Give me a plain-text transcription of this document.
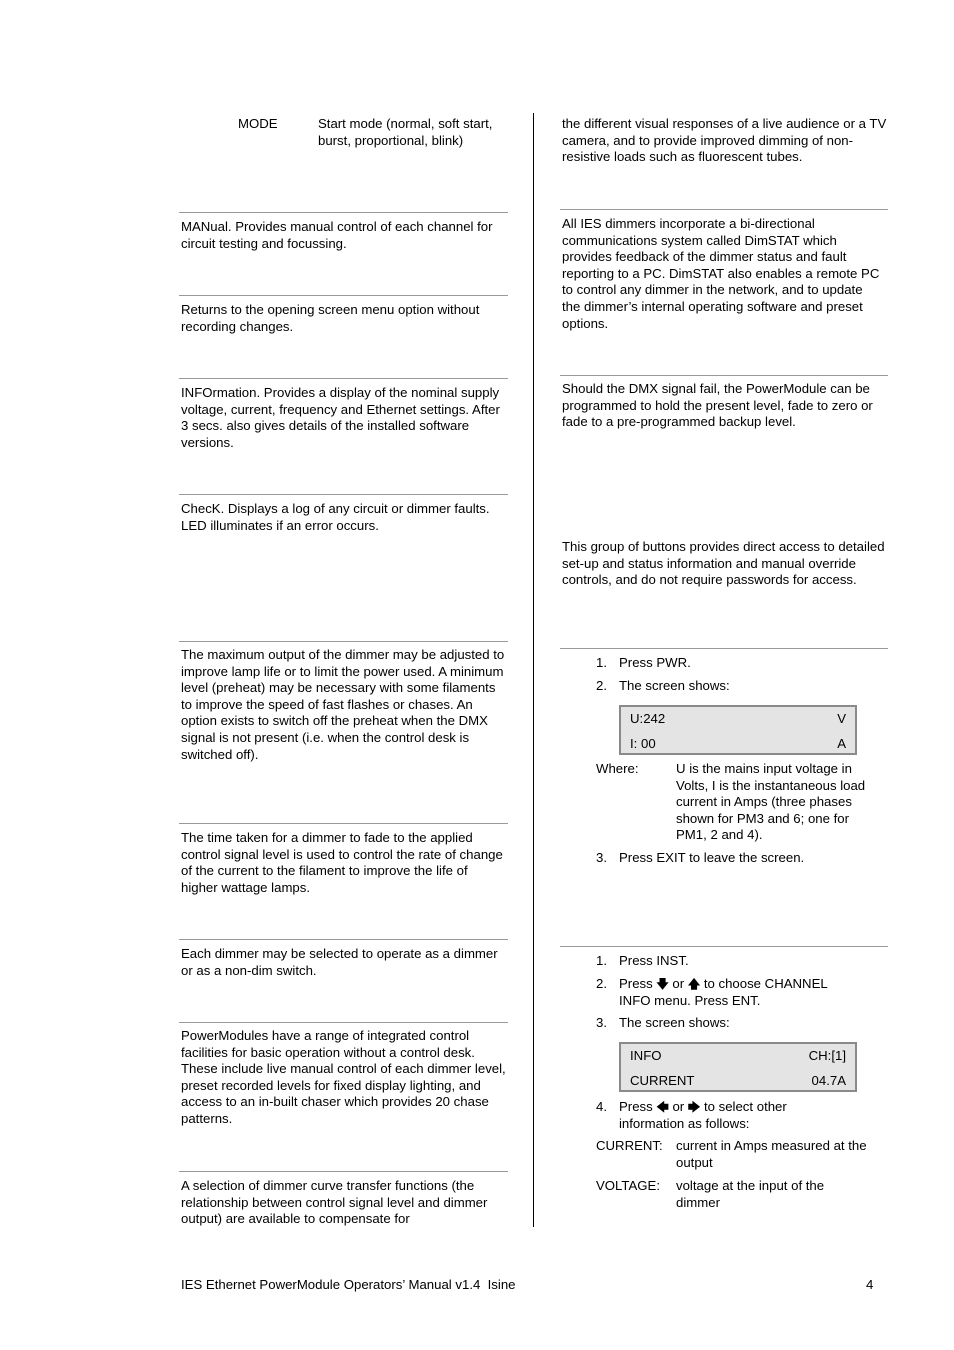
MODE	Start mode (normal, soft start, burst, proportional, blink)
MANual. Provides manual control of each channel for circuit testing and focussing.
Returns to the opening screen menu option without recording changes.
INFOrmation. Provides a display of the nominal supply voltage, current, frequency and Ethernet settings. After 3 secs. also gives details of the installed software versions.
ChecK. Displays a log of any circuit or dimmer faults. LED illuminates if an error occurs.
The maximum output of the dimmer may be adjusted to improve lamp life or to limit the power used. A minimum level (preheat) may be necessary with some filaments to improve the speed of fast flashes or chases. An option exists to switch off the preheat when the DMX signal is not present (i.e. when the control desk is switched off).
The time taken for a dimmer to fade to the applied control signal level is used to control the rate of change of the current to the filament to improve the life of higher wattage lamps.
Each dimmer may be selected to operate as a dimmer or as a non-dim switch.
PowerModules have a range of integrated control facilities for basic operation without a control desk. These include live manual control of each dimmer level, preset recorded levels for fixed display lighting, and access to an in-built chaser which provides 20 chase patterns.
A selection of dimmer curve transfer functions (the relationship between control signal level and dimmer output) are available to compensate for
the different visual responses of a live audience or a TV camera, and to provide improved dimming of non-resistive loads such as fluorescent tubes.
All IES dimmers incorporate a bi-directional communications system called DimSTAT which provides feedback of the dimmer status and fault reporting to a PC. DimSTAT also enables a remote PC to control any dimmer in the network, and to update the dimmer’s internal operating software and preset options.
Should the DMX signal fail, the PowerModule can be programmed to hold the present level, fade to zero or fade to a pre-programmed backup level.
This group of buttons provides direct access to detailed set-up and status information and manual override controls, and do not require passwords for access.
1. Press PWR.
2. The screen shows:
U:242	V
I: 00	A
Where:	U is the mains input voltage in Volts, I is the instantaneous load current in Amps (three phases shown for PM3 and 6; one for PM1, 2 and 4).
3. Press EXIT to leave the screen.
1. Press INST.
2. Press 🡇 or 🡅 to choose CHANNEL
INFO menu. Press ENT.
3. The screen shows:
INFO	CH:[1]
CURRENT	04.7A
4. Press 🡄 or 🡆 to select other
information as follows:
CURRENT: current in Amps measured at the output
VOLTAGE: voltage at the input of the dimmer
IES Ethernet PowerModule Operators’ Manual v1.4  Isine	4
